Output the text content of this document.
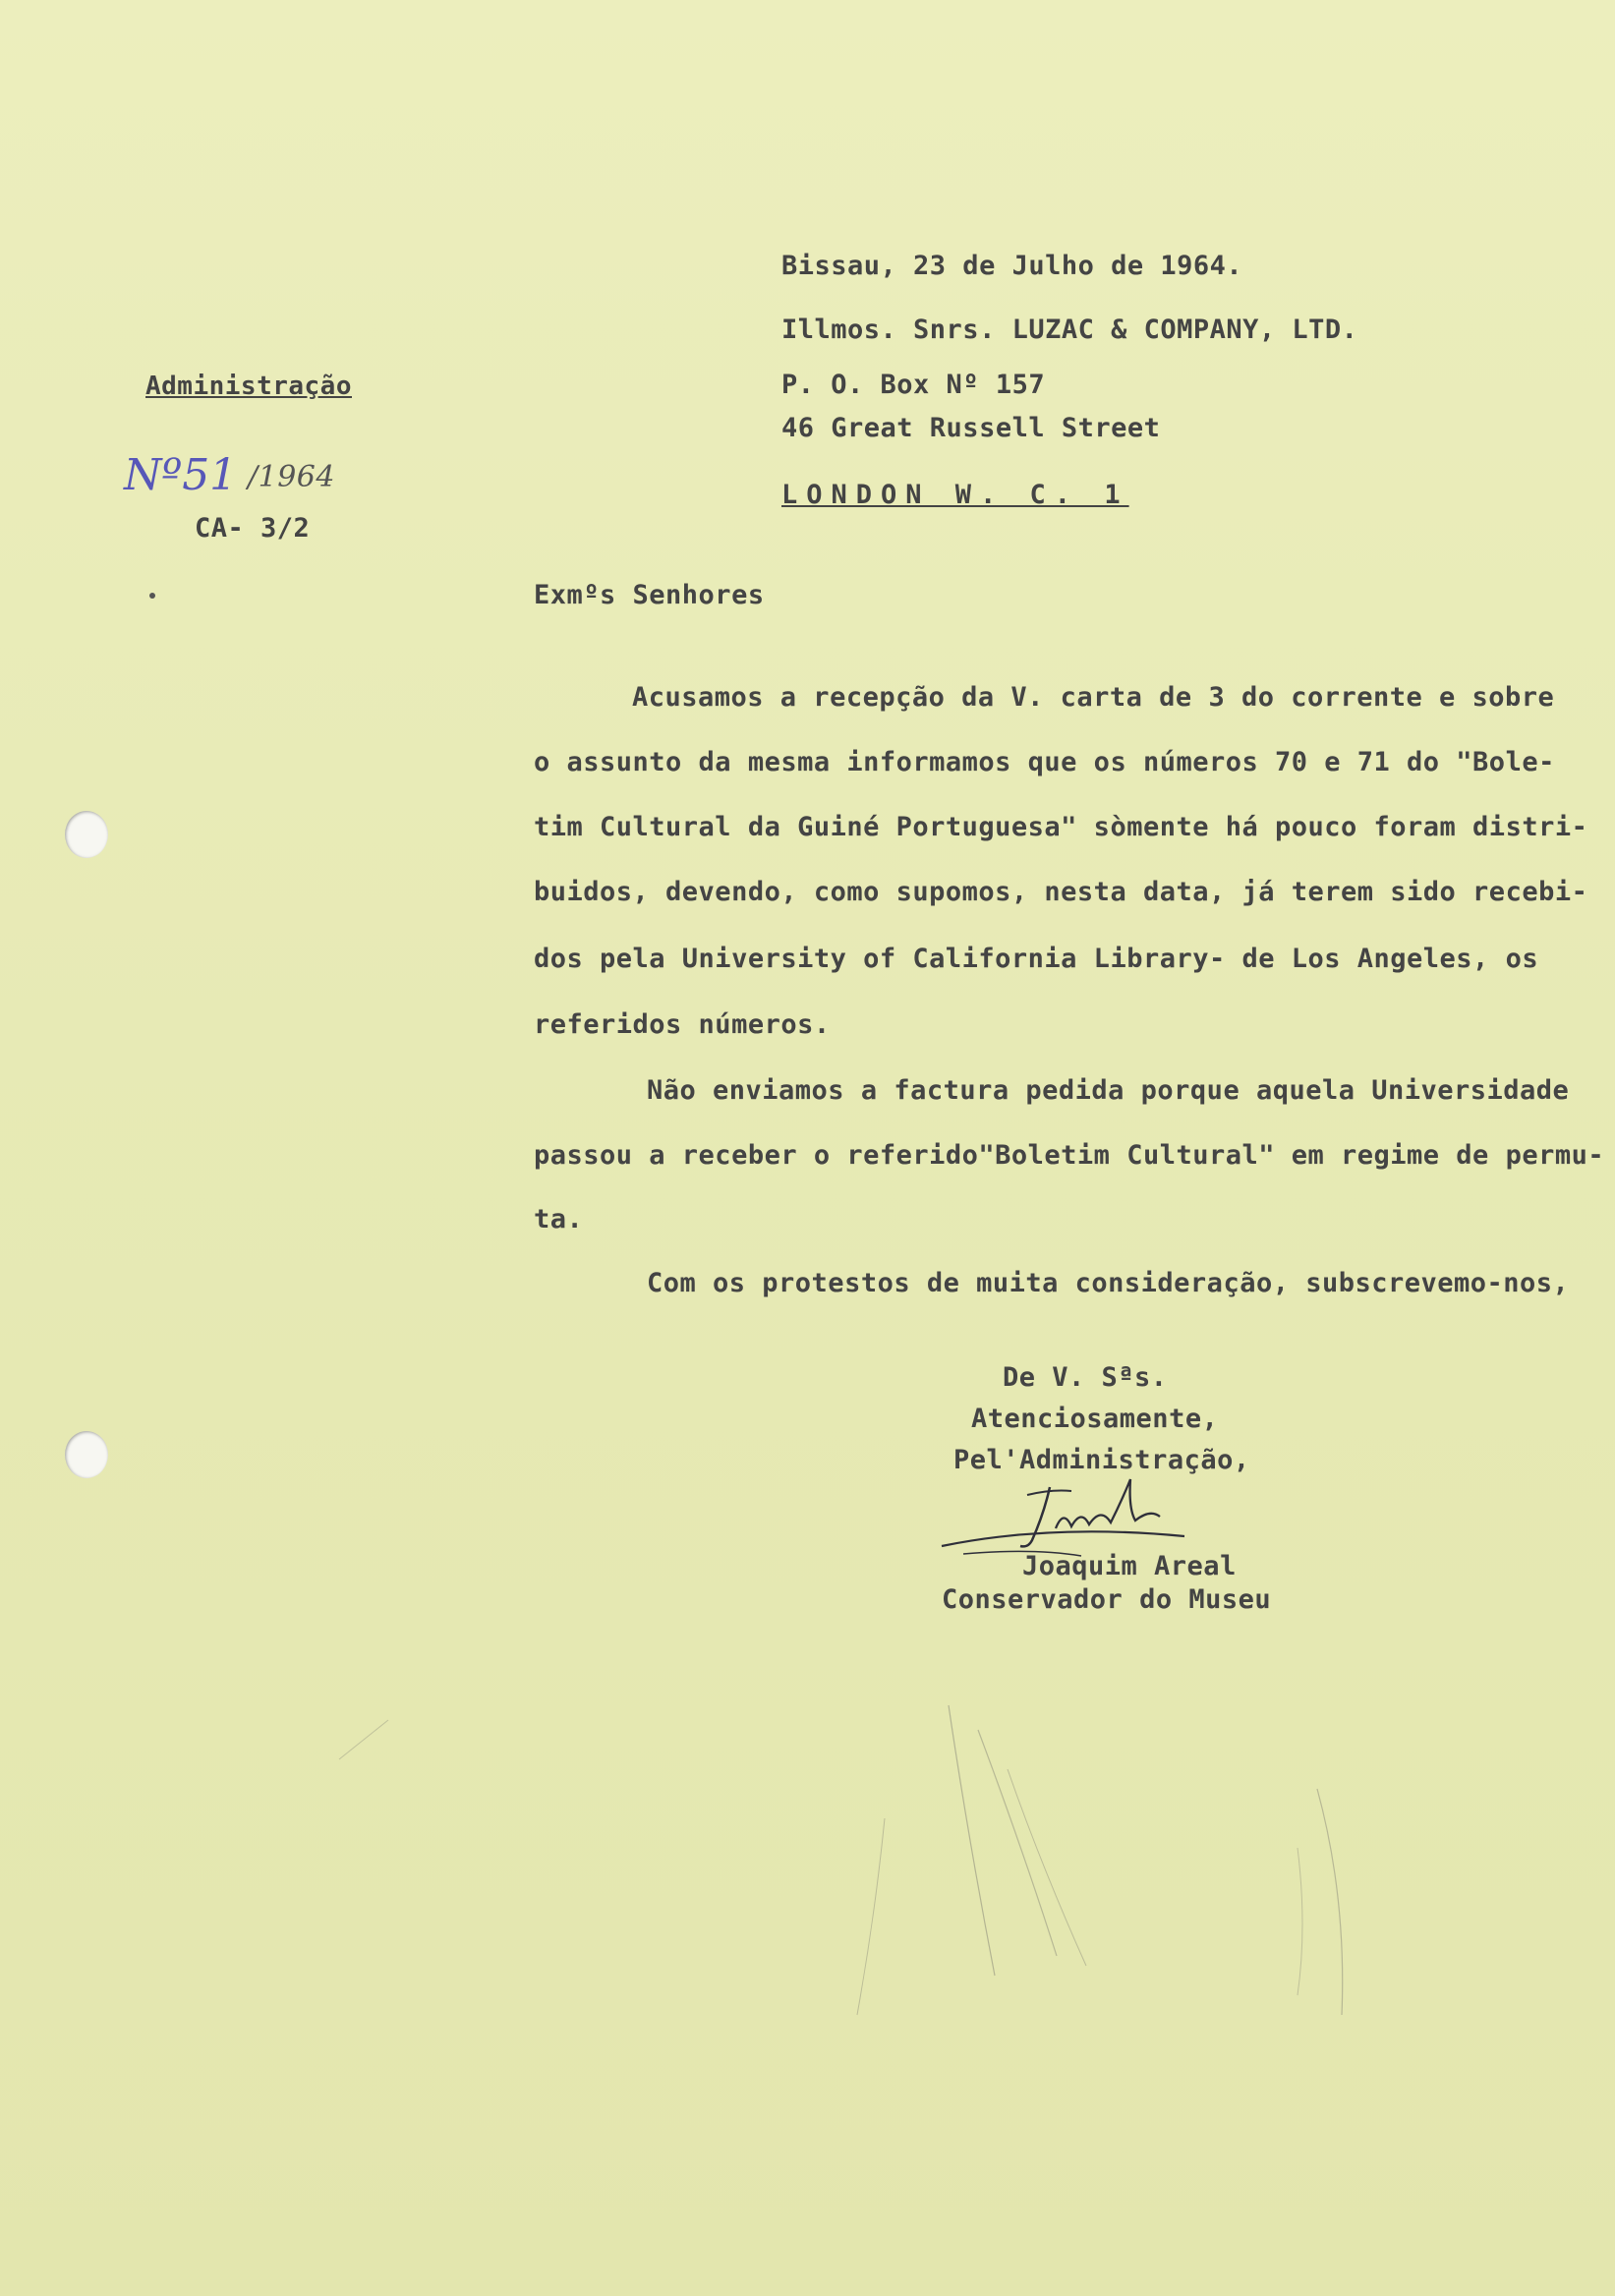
Administração
Nº51 /1964
CA- 3/2
Bissau, 23 de Julho de 1964.
Illmos. Snrs. LUZAC & COMPANY, LTD.
P. O. Box Nº 157
46 Great Russell Street
LONDON W. C. 1
Exmºs Senhores
Acusamos a recepção da V. carta de 3 do corrente e sobre
o assunto da mesma informamos que os números 70 e 71 do "Bole-
tim Cultural da Guiné Portuguesa" sòmente há pouco foram distri-
buidos, devendo, como supomos, nesta data, já terem sido recebi-
dos pela University of California Library- de Los Angeles, os
referidos números.
Não enviamos a factura pedida porque aquela Universidade
passou a receber o referido"Boletim Cultural" em regime de permu-
ta.
Com os protestos de muita consideração, subscrevemo-nos,
De V. Sªs.
Atenciosamente,
Pel'Administração,
Joaquim Areal
Conservador do Museu
